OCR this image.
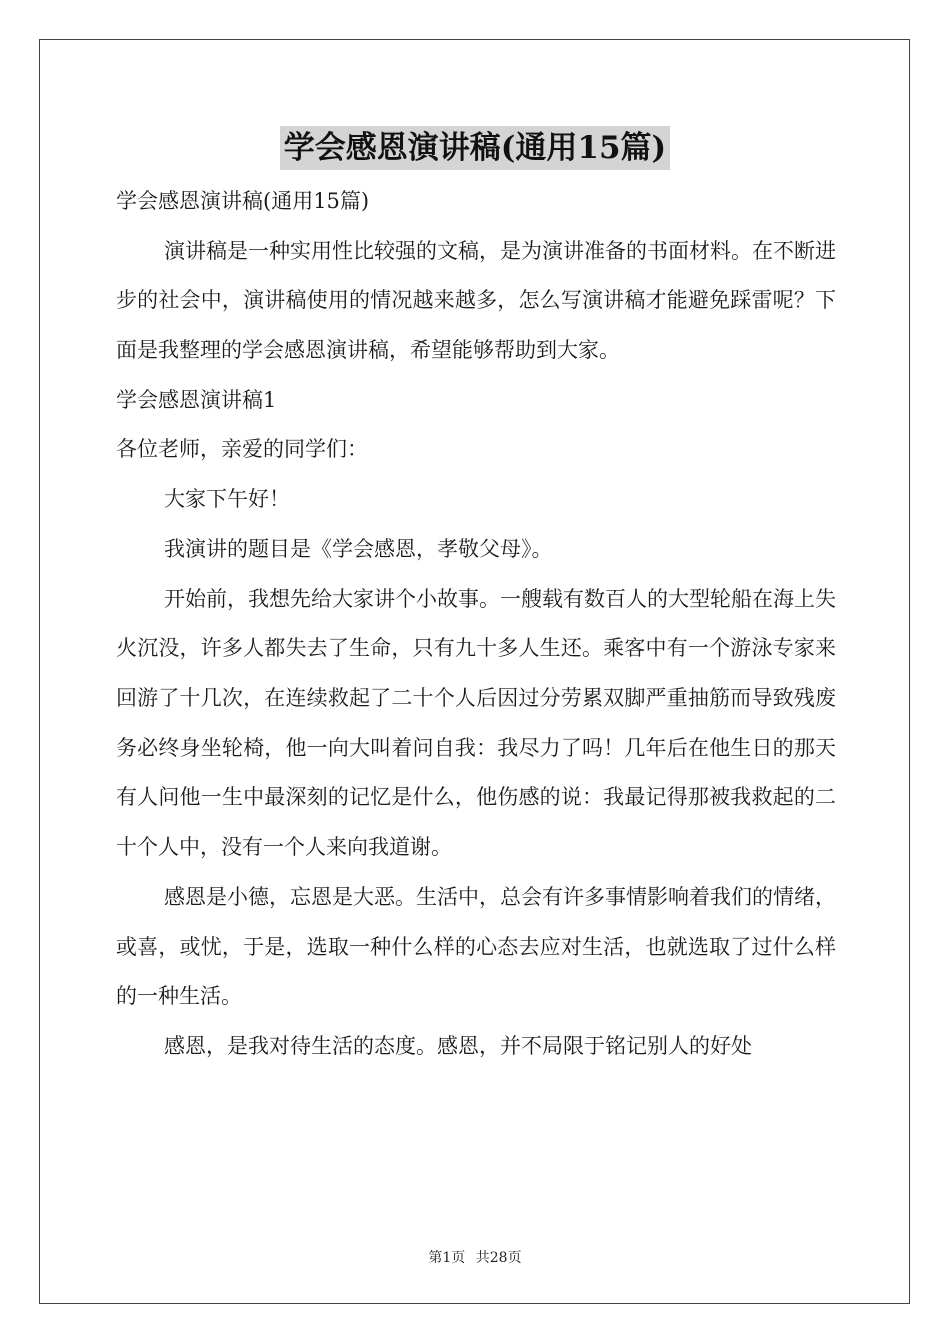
学会感恩演讲稿(通用15篇)
学会感恩演讲稿(通用15篇)

演讲稿是一种实用性比较强的文稿，是为演讲准备的书面材料。在不断进步的社会中，演讲稿使用的情况越来越多，怎么写演讲稿才能避免踩雷呢？下面是我整理的学会感恩演讲稿，希望能够帮助到大家。

学会感恩演讲稿1
各位老师，亲爱的同学们：

大家下午好！

我演讲的题目是《学会感恩，孝敬父母》。

开始前，我想先给大家讲个小故事。一艘载有数百人的大型轮船在海上失火沉没，许多人都失去了生命，只有九十多人生还。乘客中有一个游泳专家来回游了十几次，在连续救起了二十个人后因过分劳累双脚严重抽筋而导致残废务必终身坐轮椅，他一向大叫着问自我：我尽力了吗！几年后在他生日的那天有人问他一生中最深刻的记忆是什么，他伤感的说：我最记得那被我救起的二十个人中，没有一个人来向我道谢。

感恩是小德，忘恩是大恶。生活中，总会有许多事情影响着我们的情绪，或喜，或忧，于是，选取一种什么样的心态去应对生活，也就选取了过什么样的一种生活。

感恩，是我对待生活的态度。感恩，并不局限于铭记别人的好处

第1页 共28页
